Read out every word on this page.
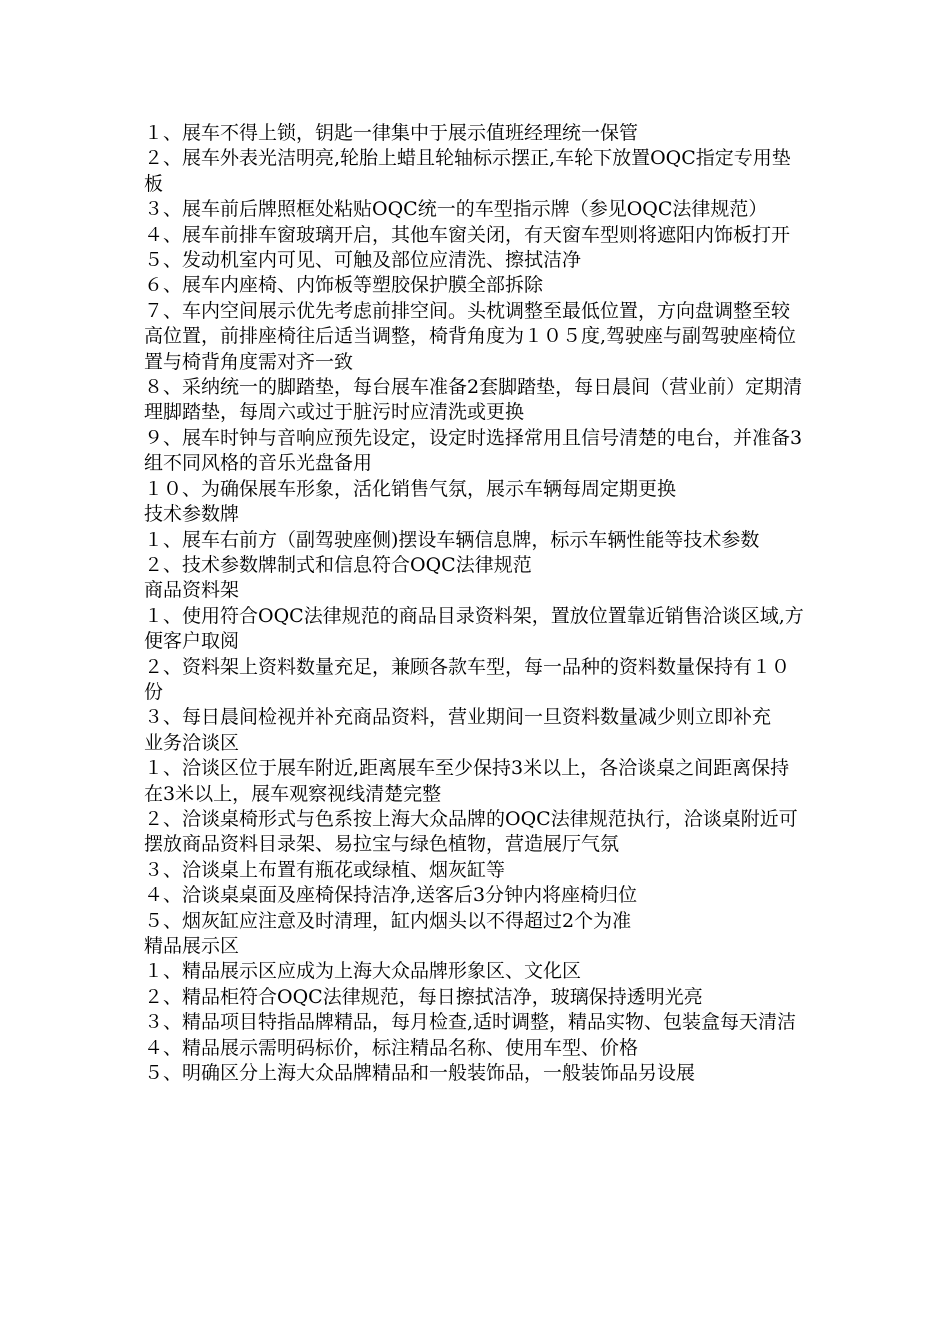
１、展车不得上锁，钥匙一律集中于展示值班经理统一保管

２、展车外表光洁明亮,轮胎上蜡且轮轴标示摆正,车轮下放置OQC指定专用垫板

３、展车前后牌照框处粘贴OQC统一的车型指示牌（参见OQC法律规范）

４、展车前排车窗玻璃开启，其他车窗关闭，有天窗车型则将遮阳内饰板打开

５、发动机室内可见、可触及部位应清洗、擦拭洁净

６、展车内座椅、内饰板等塑胶保护膜全部拆除

７、车内空间展示优先考虑前排空间。头枕调整至最低位置，方向盘调整至较高位置，前排座椅往后适当调整，椅背角度为１０５度,驾驶座与副驾驶座椅位置与椅背角度需对齐一致

８、采纳统一的脚踏垫，每台展车准备2套脚踏垫，每日晨间（营业前）定期清理脚踏垫，每周六或过于脏污时应清洗或更换

９、展车时钟与音响应预先设定，设定时选择常用且信号清楚的电台，并准备3组不同风格的音乐光盘备用

１０、为确保展车形象，活化销售气氛，展示车辆每周定期更换

技术参数牌

１、展车右前方（副驾驶座侧)摆设车辆信息牌，标示车辆性能等技术参数

２、技术参数牌制式和信息符合OQC法律规范

商品资料架

１、使用符合OQC法律规范的商品目录资料架，置放位置靠近销售洽谈区域,方便客户取阅

２、资料架上资料数量充足，兼顾各款车型，每一品种的资料数量保持有１０份

３、每日晨间检视并补充商品资料，营业期间一旦资料数量减少则立即补充

业务洽谈区

１、洽谈区位于展车附近,距离展车至少保持3米以上，各洽谈桌之间距离保持在3米以上，展车观察视线清楚完整

２、洽谈桌椅形式与色系按上海大众品牌的OQC法律规范执行，洽谈桌附近可摆放商品资料目录架、易拉宝与绿色植物，营造展厅气氛

３、洽谈桌上布置有瓶花或绿植、烟灰缸等

４、洽谈桌桌面及座椅保持洁净,送客后3分钟内将座椅归位

５、烟灰缸应注意及时清理，缸内烟头以不得超过2个为准

精品展示区

１、精品展示区应成为上海大众品牌形象区、文化区

２、精品柜符合OQC法律规范，每日擦拭洁净，玻璃保持透明光亮

３、精品项目特指品牌精品，每月检查,适时调整，精品实物、包装盒每天清洁

４、精品展示需明码标价，标注精品名称、使用车型、价格

５、明确区分上海大众品牌精品和一般装饰品，一般装饰品另设展
